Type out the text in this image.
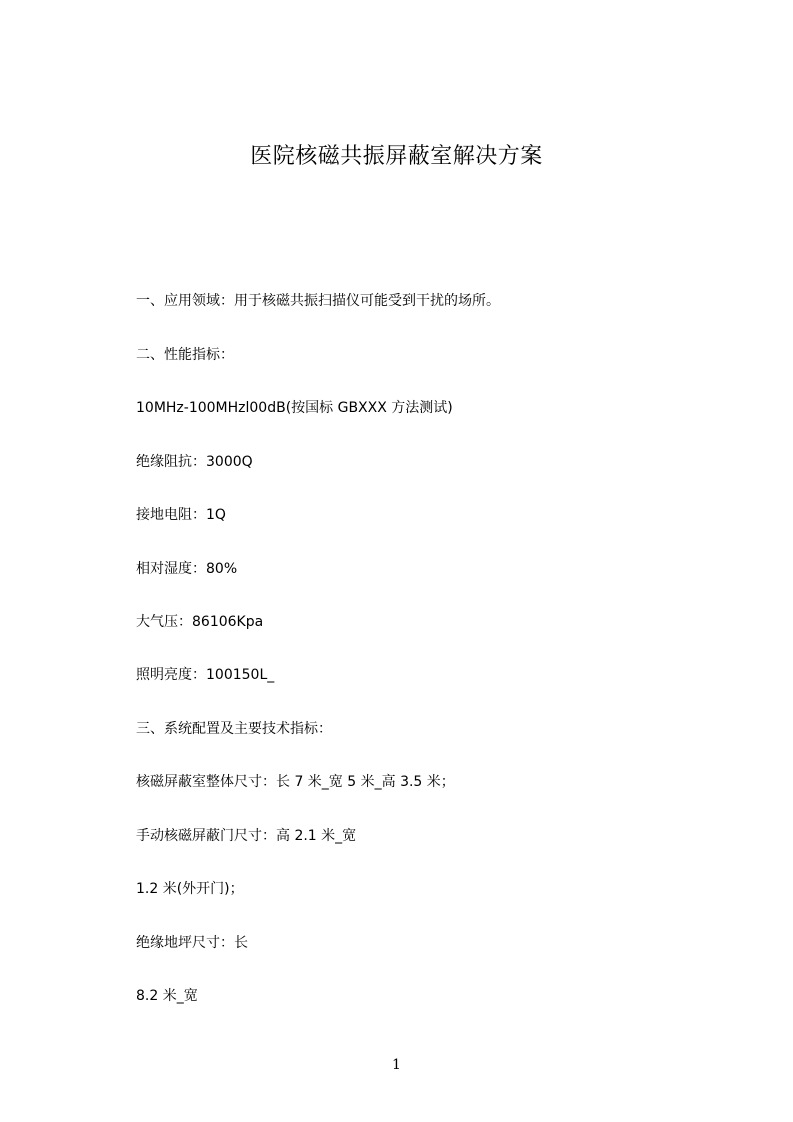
医院核磁共振屏蔽室解决方案
一、应用领域：用于核磁共振扫描仪可能受到干扰的场所。
二、性能指标：
10MHz-100MHzl00dB(按国标 GBXXX 方法测试)
绝缘阻抗：3000Q
接地电阻：1Q
相对湿度：80%
大气压：86106Kpa
照明亮度：100150L_
三、系统配置及主要技术指标：
核磁屏蔽室整体尺寸：长 7 米_宽 5 米_高 3.5 米；
手动核磁屏蔽门尺寸：高 2.1 米_宽
1.2 米(外开门)；
绝缘地坪尺寸：长
8.2 米_宽
1
